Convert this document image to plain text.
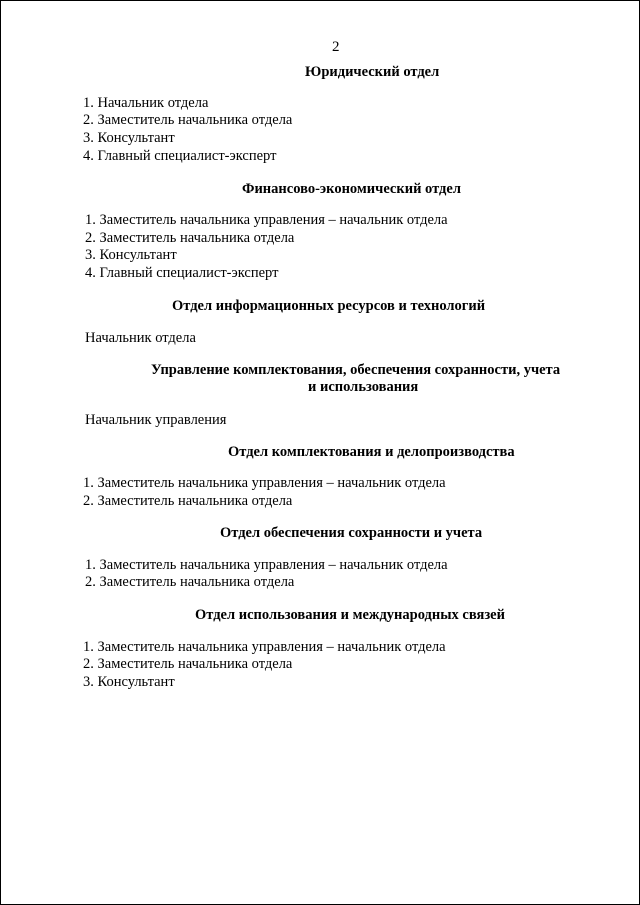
2
Юридический отдел
1. Начальник отдела
2. Заместитель начальника отдела
3. Консультант
4. Главный специалист-эксперт
Финансово-экономический отдел
1. Заместитель начальника управления – начальник отдела
2. Заместитель начальника отдела
3. Консультант
4. Главный специалист-эксперт
Отдел информационных ресурсов и технологий
Начальник отдела
Управление комплектования, обеспечения сохранности, учета
и использования
Начальник управления
Отдел комплектования и делопроизводства
1. Заместитель начальника управления – начальник отдела
2. Заместитель начальника отдела
Отдел обеспечения сохранности и учета
1. Заместитель начальника управления – начальник отдела
2. Заместитель начальника отдела
Отдел использования и международных связей
1. Заместитель начальника управления – начальник отдела
2. Заместитель начальника отдела
3. Консультант
